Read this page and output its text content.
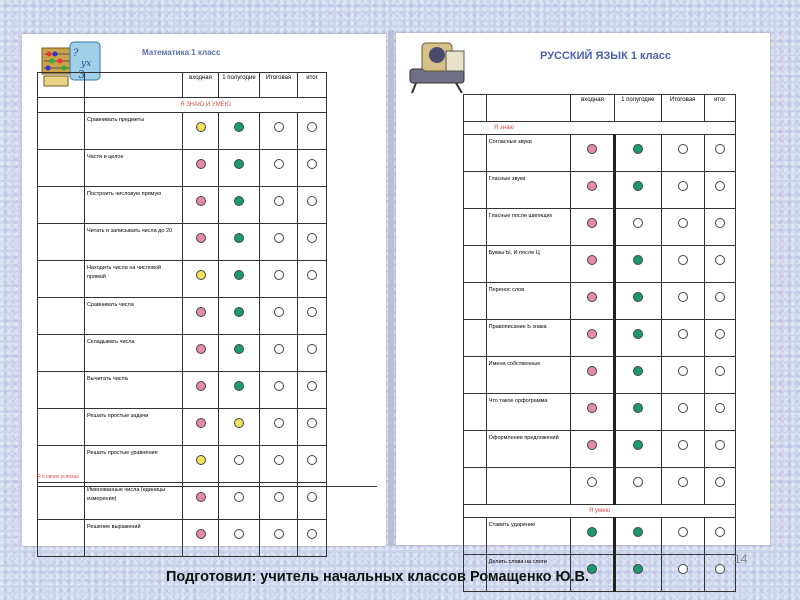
?
yx
3
Математика 1 класс
		входная	1 полугодие	Итоговая	итог
	Я ЗНАЮ И УМЕЮ				
	Сравнивать предметы				
	Части и целое				
	Построить числовую прямую				
	Читать и записывать числа до 20				
	Находить числа на числовой прямой				
	Сравнивать числа				
	Складывать числа				
	Вычитать числа				
	Решать простые задачи				
	Решать простые уравнения				
	Именованные числа (единицы измерения)				
	Решение выражений				
Я о своих успехах
РУССКИЙ ЯЗЫК 1 класс
		входная	1 полугодие	Итоговая	итог
Я знаю					
	Согласные звуки				
	Гласные звуки				
	Гласные после шипящих				
	Буквы Ы, И после Ц				
	Перенос слов				
	Правописание Ь знака				
	Имена собственные				
	Что такое орфограмма				
	Оформление предложений				

Я умею					
	Ставить ударение				
	Делить слова на слоги					14
Подготовил: учитель начальных классов Ромащенко Ю.В.
